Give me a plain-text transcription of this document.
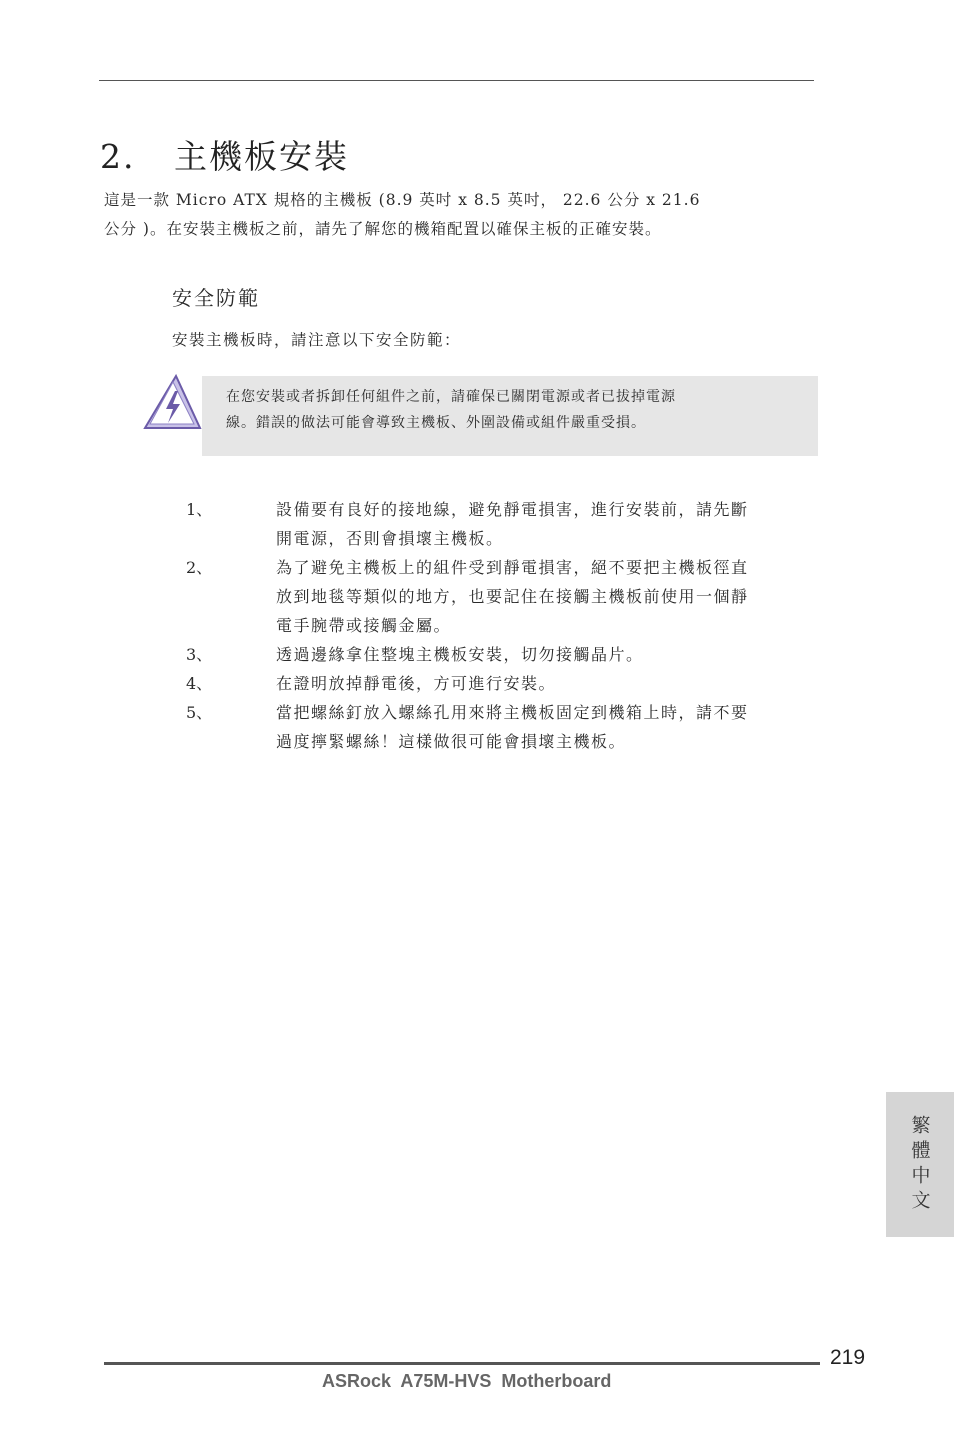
2. 主機板安裝

這是一款 Micro ATX 規格的主機板 (8.9 英吋 x 8.5 英吋， 22.6 公分 x 21.6

公分 )。在安裝主機板之前，請先了解您的機箱配置以確保主板的正確安裝。

安全防範
安裝主機板時，請注意以下安全防範：

在您安裝或者拆卸任何組件之前，請確保已關閉電源或者已拔掉電源

線。錯誤的做法可能會導致主機板、外圍設備或組件嚴重受損。

1、	設備要有良好的接地線，避免靜電損害，進行安裝前，請先斷

開電源，否則會損壞主機板。

2、	為了避免主機板上的組件受到靜電損害，絕不要把主機板徑直

放到地毯等類似的地方，也要記住在接觸主機板前使用一個靜

電手腕帶或接觸金屬。

3、	透過邊緣拿住整塊主機板安裝，切勿接觸晶片。

4、	在證明放掉靜電後，方可進行安裝。

5、	當把螺絲釘放入螺絲孔用來將主機板固定到機箱上時，請不要

過度擰緊螺絲！這樣做很可能會損壞主機板。

繁體中文
219
ASRock  A75M-HVS  Motherboard
